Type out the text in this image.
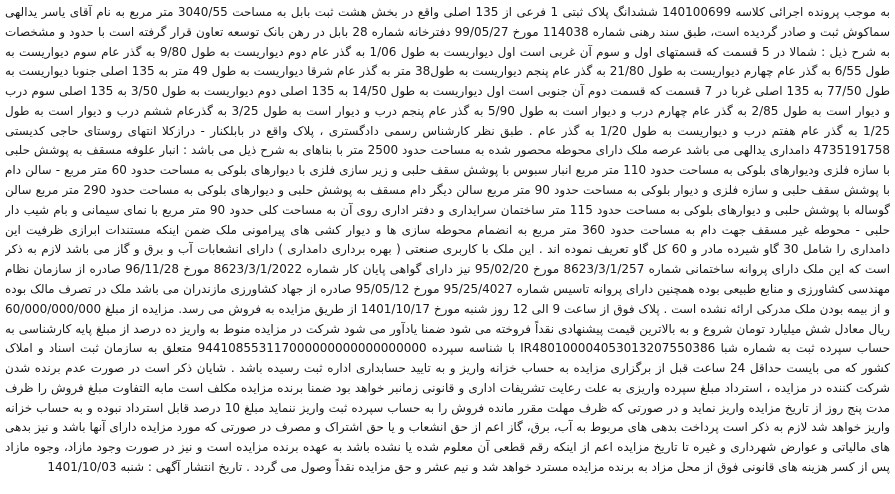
به موجب پرونده اجرائی کلاسه 140100699 ششدانگ پلاک ثبتی 1 فرعی از 135 اصلی واقع در بخش هشت ثبت بابل به مساحت 3040/55 متر مربع به نام آقای یاسر یدالهی سماکوش ثبت و صادر گردیده است، طبق سند رهنی شماره 114038 مورخ 99/05/27 دفترخانه شماره 28 بابل در رهن بانک توسعه تعاون قرار گرفته است با حدود و مشخصات به شرح ذیل : شمالا در 5 قسمت که قسمتهای اول و سوم آن غربی است اول دیواریست به طول 1/06 به گذر عام دوم دیواریست به طول 9/80 به گذر عام سوم دیواریست به طول 6/55 به گذر عام چهارم دیواریست به طول 21/80 به گذر عام پنجم دیواریست به طول38 متر به گذر عام شرقا دیواریست به طول 49 متر به 135 اصلی جنوبا دیواریست به طول 77/50 به 135 اصلی غربا در 7 قسمت که قسمت دوم آن جنوبی است اول دیواریست به طول 14/50 به 135 اصلی دوم دیواریست به طول 3/50 به 135 اصلی سوم درب و دیوار است به طول 2/85 به گذر عام چهارم درب و دیوار است به طول 5/90 به گذر عام پنجم درب و دیوار است به طول 3/25 به گذرعام ششم درب و دیوار است به طول 1/25 به گذر عام هفتم درب و دیواریست به طول 1/20 به گذر عام . طبق نظر کارشناس رسمی دادگستری ، پلاک واقع در بابلکنار - درازکلا انتهای روستای حاجی کدیستی 4735191758 دامداری یدالهی می باشد عرصه ملک دارای محوطه محصور شده به مساحت حدود 2500 متر با بناهای به شرح ذیل می باشد : انبار علوفه مسقف به پوشش حلبی با سازه فلزی ودیوارهای بلوکی به مساحت حدود 110 متر مربع انبار سبوس با پوشش سقف حلبی و زیر سازی فلزی با دیوارهای بلوکی به مساحت حدود 60 متر مربع - سالن دام با پوشش سقف حلبی و سازه فلزی و دیوار بلوکی به مساحت حدود 90 متر مربع سالن دیگر دام مسقف به پوشش حلبی و دیوارهای بلوکی به مساحت حدود 290 متر مربع سالن گوساله با پوشش حلبی و دیوارهای بلوکی به مساحت حدود 115 متر ساختمان سرایداری و دفتر اداری روی آن به مساحت کلی حدود 90 متر مربع با نمای سیمانی و بام شیب دار حلبی - محوطه غیر مسقف جهت دام به مساحت حدود 360 متر مربع به انضمام محوطه سازی ها و دیوار کشی های پیرامونی ملک ضمن اینکه مستندات ابرازی ظرفیت این دامداری را شامل 30 گاو شیرده مادر و 60 کل گاو تعریف نموده اند . این ملک با کاربری صنعتی ( بهره برداری دامداری ) دارای انشعابات آب و برق و گاز می باشد لازم به ذکر است که این ملک دارای پروانه ساختمانی شماره 8623/3/1/257 مورخ 95/02/20 نیز دارای گواهی پایان کار شماره 8623/3/1/2022 مورخ 96/11/28 صادره از سازمان نظام مهندسی کشاورزی و منابع طبیعی بوده همچنین دارای پروانه تاسیس شماره 95/25/4027 مورخ 95/05/12 صادره از جهاد کشاورزی مازندران می باشد ملک در تصرف مالک بوده و از بیمه بودن ملک مدرکی ارائه نشده است . پلاک فوق از ساعت 9 الی 12 روز شنبه مورخ 1401/10/17 از طریق مزایده به فروش می رسد. مزایده از مبلغ 60/000/000/000 ریال معادل شش میلیارد تومان شروع و به بالاترین قیمت پیشنهادی نقداً فروخته می شود ضمنا یادآور می شود شرکت در مزایده منوط به واریز ده درصد از مبلغ پایه کارشناسی به حساب سپرده ثبت به شماره شبا IR480100004053013207550386 با شناسه سپرده 944108553117000000000000000000 متعلق به سازمان ثبت اسناد و املاک کشور که می بایست حداقل 24 ساعت قبل از برگزاری مزایده به حساب خزانه واریز و به تایید حسابداری اداره ثبت رسیده باشد . شایان ذکر است در صورت عدم برنده شدن شرکت کننده در مزایده ، استرداد مبلغ سپرده واریزی به علت رعایت تشریفات اداری و قانونی زمانبر خواهد بود ضمنا برنده مزایده مکلف است مابه التفاوت مبلغ فروش را ظرف مدت پنج روز از تاریخ مزایده واریز نماید و در صورتی که ظرف مهلت مقرر مانده فروش را به حساب سپرده ثبت واریز ننماید مبلغ 10 درصد قابل استرداد نبوده و به حساب خزانه واریز خواهد شد لازم به ذکر است پرداخت بدهی های مربوط به آب، برق، گاز اعم از حق انشعاب و یا حق اشتراک و مصرف در صورتی که مورد مزایده دارای آنها باشد و نیز بدهی های مالیاتی و عوارض شهرداری و غیره تا تاریخ مزایده اعم از اینکه رقم قطعی آن معلوم شده یا نشده باشد به عهده برنده مزایده است و نیز در صورت وجود مازاد، وجوه مازاد پس از کسر هزینه های قانونی فوق از محل مزاد به برنده مزایده مسترد خواهد شد و نیم عشر و حق مزایده نقداً وصول می گردد . تاریخ انتشار آگهی : شنبه 1401/10/03
